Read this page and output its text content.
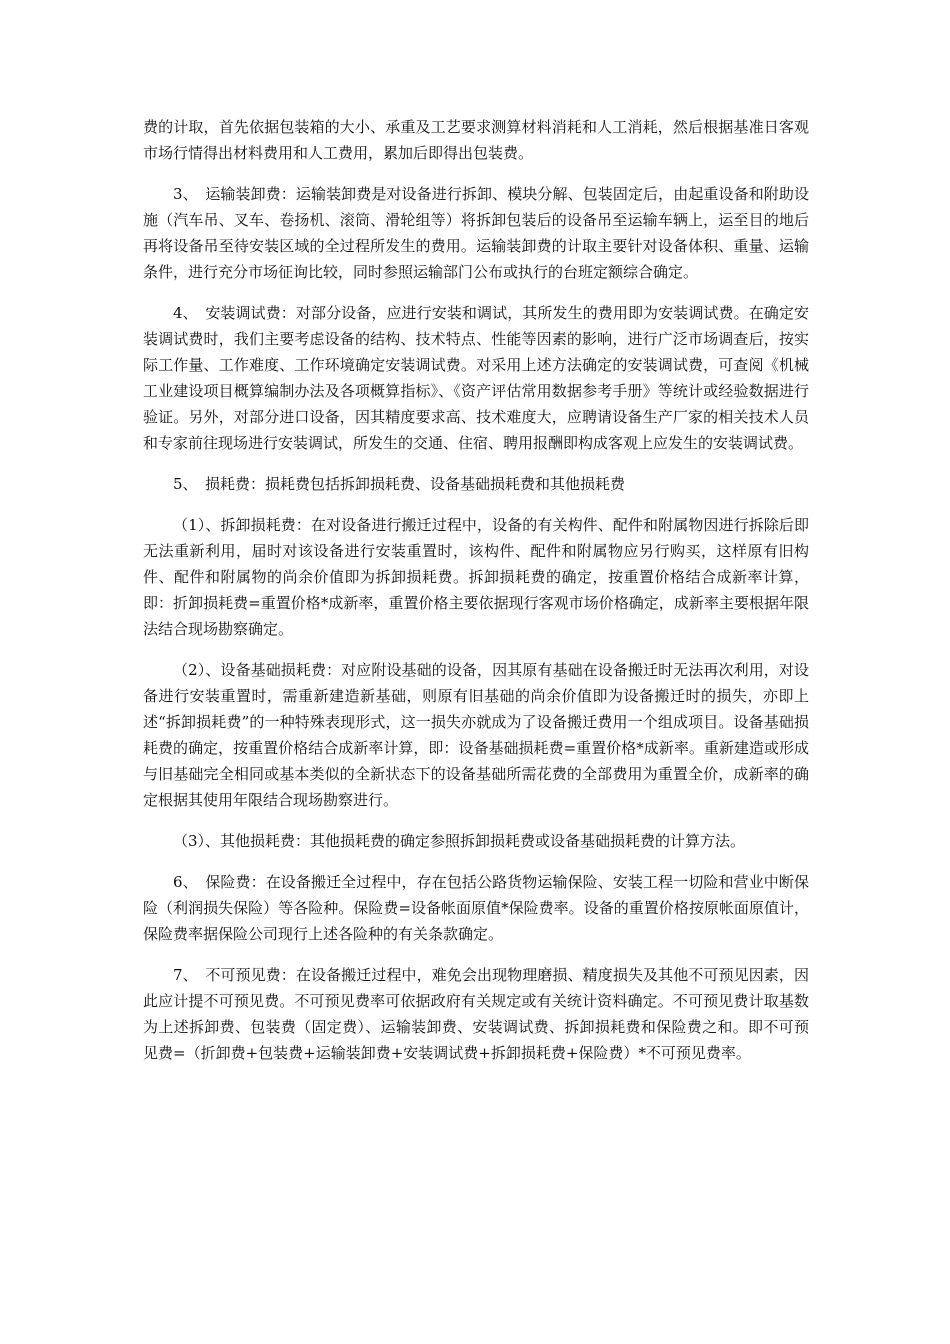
费的计取，首先依据包装箱的大小、承重及工艺要求测算材料消耗和人工消耗，然后根据基准日客观市场行情得出材料费用和人工费用，累加后即得出包装费。

3、　运输装卸费：运输装卸费是对设备进行拆卸、模块分解、包装固定后，由起重设备和附助设施（汽车吊、叉车、卷扬机、滚筒、滑轮组等）将拆卸包装后的设备吊至运输车辆上，运至目的地后再将设备吊至待安装区域的全过程所发生的费用。运输装卸费的计取主要针对设备体积、重量、运输条件，进行充分市场征询比较，同时参照运输部门公布或执行的台班定额综合确定。

4、　安装调试费：对部分设备，应进行安装和调试，其所发生的费用即为安装调试费。在确定安装调试费时，我们主要考虑设备的结构、技术特点、性能等因素的影响，进行广泛市场调查后，按实际工作量、工作难度、工作环境确定安装调试费。对采用上述方法确定的安装调试费，可查阅《机械工业建设项目概算编制办法及各项概算指标》、《资产评估常用数据参考手册》等统计或经验数据进行验证。另外，对部分进口设备，因其精度要求高、技术难度大，应聘请设备生产厂家的相关技术人员和专家前往现场进行安装调试，所发生的交通、住宿、聘用报酬即构成客观上应发生的安装调试费。

5、　损耗费：损耗费包括拆卸损耗费、设备基础损耗费和其他损耗费

（1）、拆卸损耗费：在对设备进行搬迁过程中，设备的有关构件、配件和附属物因进行拆除后即无法重新利用，届时对该设备进行安装重置时，该构件、配件和附属物应另行购买，这样原有旧构件、配件和附属物的尚余价值即为拆卸损耗费。拆卸损耗费的确定，按重置价格结合成新率计算，即：折卸损耗费=重置价格*成新率，重置价格主要依据现行客观市场价格确定，成新率主要根据年限法结合现场勘察确定。

（2）、设备基础损耗费：对应附设基础的设备，因其原有基础在设备搬迁时无法再次利用，对设备进行安装重置时，需重新建造新基础，则原有旧基础的尚余价值即为设备搬迁时的损失，亦即上述“拆卸损耗费”的一种特殊表现形式，这一损失亦就成为了设备搬迁费用一个组成项目。设备基础损耗费的确定，按重置价格结合成新率计算，即：设备基础损耗费=重置价格*成新率。重新建造或形成与旧基础完全相同或基本类似的全新状态下的设备基础所需花费的全部费用为重置全价，成新率的确定根据其使用年限结合现场勘察进行。

（3）、其他损耗费：其他损耗费的确定参照拆卸损耗费或设备基础损耗费的计算方法。

6、　保险费：在设备搬迁全过程中，存在包括公路货物运输保险、安装工程一切险和营业中断保险（利润损失保险）等各险种。保险费=设备帐面原值*保险费率。设备的重置价格按原帐面原值计，保险费率据保险公司现行上述各险种的有关条款确定。

7、　不可预见费：在设备搬迁过程中，难免会出现物理磨损、精度损失及其他不可预见因素，因此应计提不可预见费。不可预见费率可依据政府有关规定或有关统计资料确定。不可预见费计取基数为上述拆卸费、包装费（固定费）、运输装卸费、安装调试费、拆卸损耗费和保险费之和。即不可预见费=（折卸费+包装费+运输装卸费+安装调试费+拆卸损耗费+保险费）*不可预见费率。
